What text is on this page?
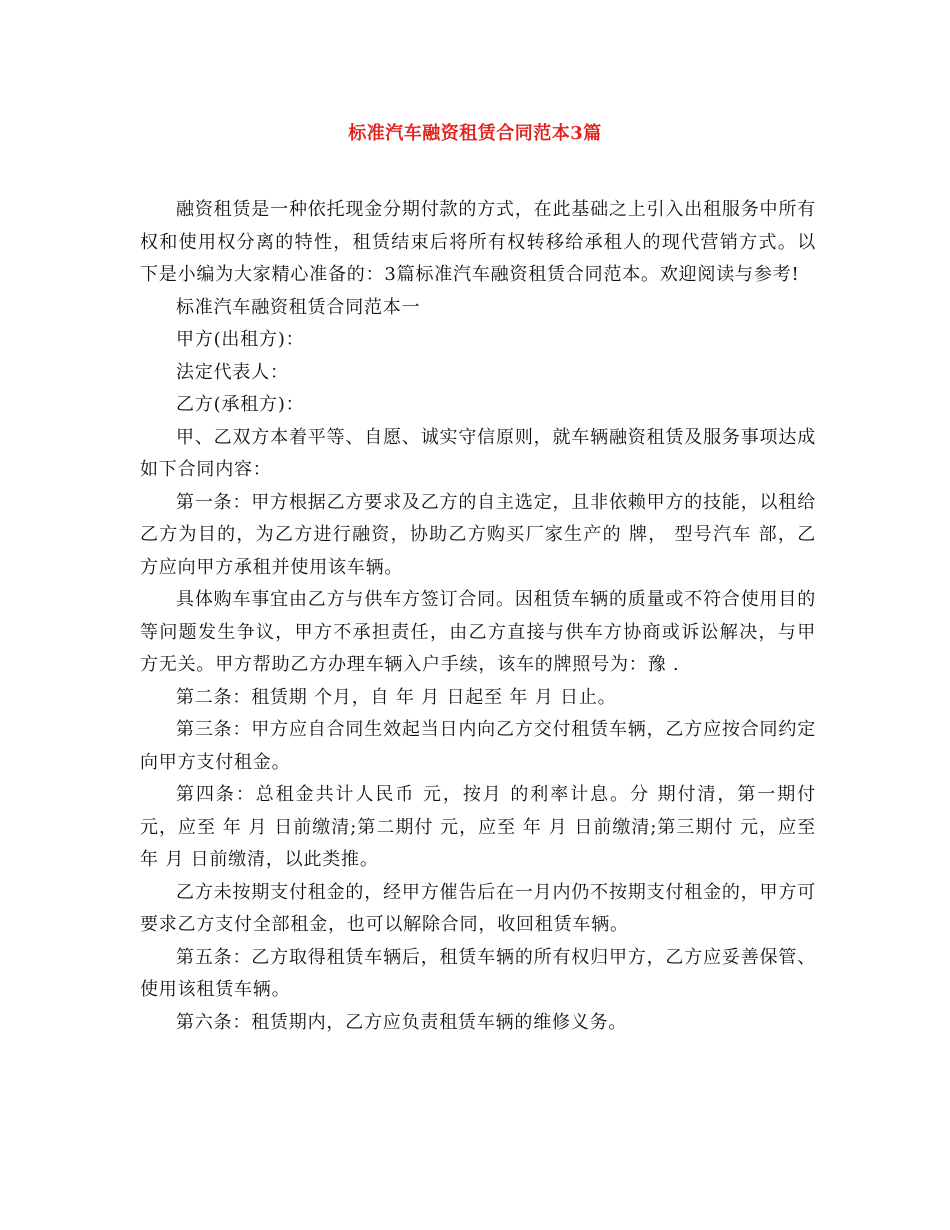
标准汽车融资租赁合同范本3篇

融资租赁是一种依托现金分期付款的方式，在此基础之上引入出租服务中所有权和使用权分离的特性，租赁结束后将所有权转移给承租人的现代营销方式。以下是小编为大家精心准备的：3篇标准汽车融资租赁合同范本。欢迎阅读与参考!

标准汽车融资租赁合同范本一

甲方(出租方)：

法定代表人：

乙方(承租方)：

甲、乙双方本着平等、自愿、诚实守信原则，就车辆融资租赁及服务事项达成如下合同内容：

第一条：甲方根据乙方要求及乙方的自主选定，且非依赖甲方的技能，以租给乙方为目的，为乙方进行融资，协助乙方购买厂家生产的 牌， 型号汽车 部，乙方应向甲方承租并使用该车辆。

具体购车事宜由乙方与供车方签订合同。因租赁车辆的质量或不符合使用目的等问题发生争议，甲方不承担责任，由乙方直接与供车方协商或诉讼解决，与甲方无关。甲方帮助乙方办理车辆入户手续，该车的牌照号为：豫 .

第二条：租赁期 个月，自 年 月 日起至 年 月 日止。

第三条：甲方应自合同生效起当日内向乙方交付租赁车辆，乙方应按合同约定向甲方支付租金。

第四条：总租金共计人民币 元，按月 的利率计息。分 期付清，第一期付 元，应至 年 月 日前缴清;第二期付 元，应至 年 月 日前缴清;第三期付 元，应至年 月 日前缴清，以此类推。

乙方未按期支付租金的，经甲方催告后在一月内仍不按期支付租金的，甲方可要求乙方支付全部租金，也可以解除合同，收回租赁车辆。

第五条：乙方取得租赁车辆后，租赁车辆的所有权归甲方，乙方应妥善保管、使用该租赁车辆。

第六条：租赁期内，乙方应负责租赁车辆的维修义务。
